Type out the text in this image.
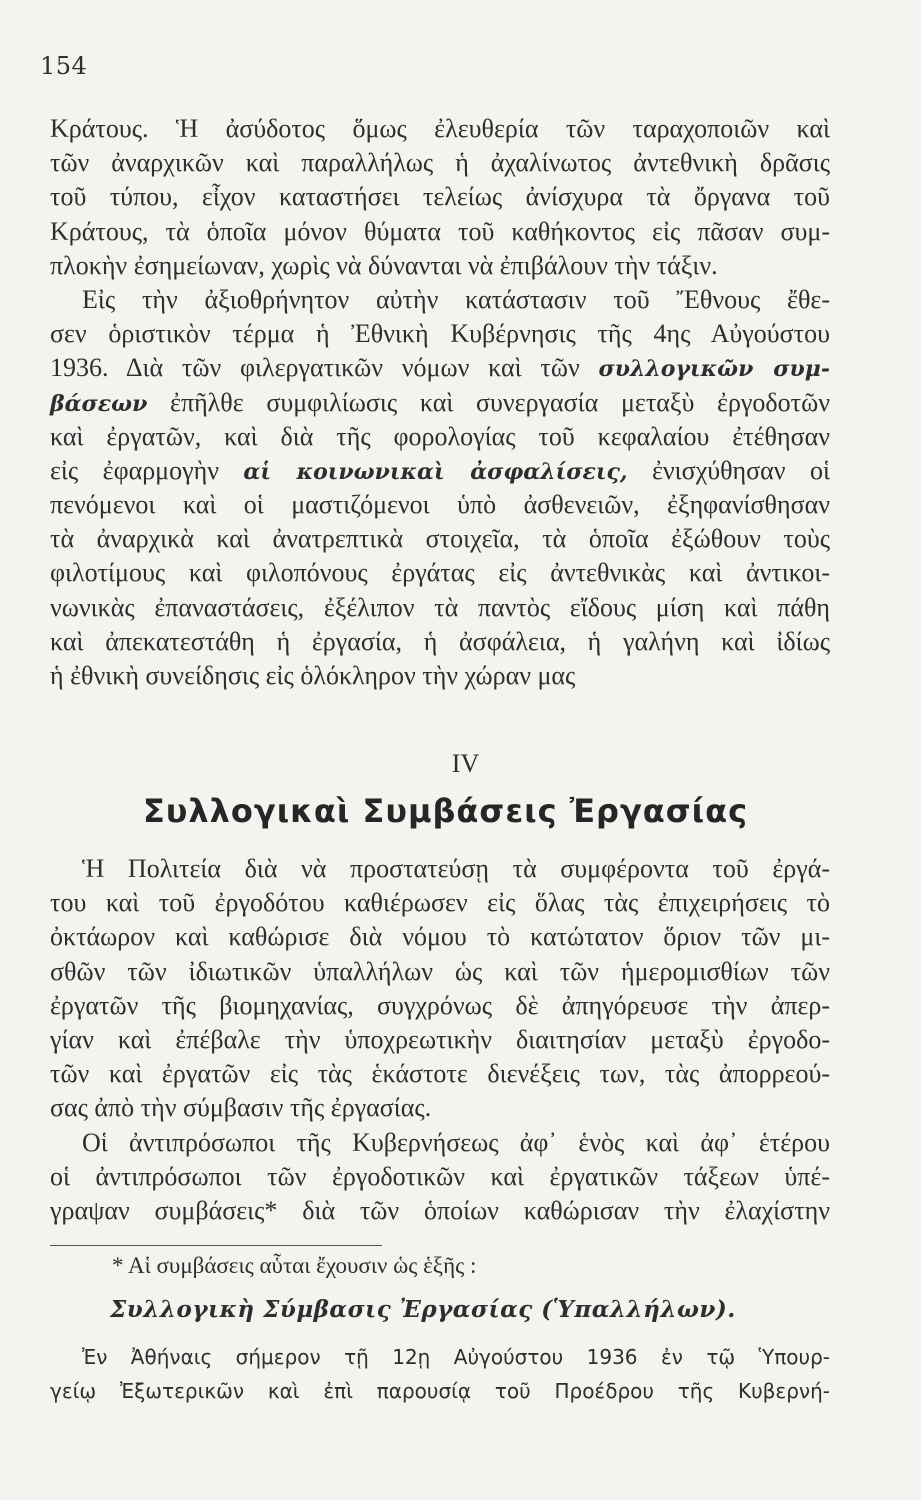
154
Κράτους. Ἡ ἀσύδοτος ὅμως ἐλευθερία τῶν ταραχοποιῶν καὶ
τῶν ἀναρχικῶν καὶ παραλλήλως ἡ ἀχαλίνωτος ἀντεθνικὴ δρᾶσις
τοῦ τύπου, εἶχον καταστήσει τελείως ἀνίσχυρα τὰ ὄργανα τοῦ
Κράτους, τὰ ὁποῖα μόνον θύματα τοῦ καθήκοντος εἰς πᾶσαν συμ-
πλοκὴν ἐσημείωναν, χωρὶς νὰ δύνανται νὰ ἐπιβάλουν τὴν τάξιν.
Εἰς τὴν ἀξιοθρήνητον αὐτὴν κατάστασιν τοῦ Ἔθνους ἔθε-
σεν ὁριστικὸν τέρμα ἡ Ἐθνικὴ Κυβέρνησις τῆς 4ης Αὐγούστου
1936. Διὰ τῶν φιλεργατικῶν νόμων καὶ τῶν συλλογικῶν συμ-
βάσεων ἐπῆλθε συμφιλίωσις καὶ συνεργασία μεταξὺ ἐργοδοτῶν
καὶ ἐργατῶν, καὶ διὰ τῆς φορολογίας τοῦ κεφαλαίου ἐτέθησαν
εἰς ἐφαρμογὴν αἱ κοινωνικαὶ ἀσφαλίσεις, ἐνισχύθησαν οἱ
πενόμενοι καὶ οἱ μαστιζόμενοι ὑπὸ ἀσθενειῶν, ἐξηφανίσθησαν
τὰ ἀναρχικὰ καὶ ἀνατρεπτικὰ στοιχεῖα, τὰ ὁποῖα ἐξώθουν τοὺς
φιλοτίμους καὶ φιλοπόνους ἐργάτας εἰς ἀντεθνικὰς καὶ ἀντικοι-
νωνικὰς ἐπαναστάσεις, ἐξέλιπον τὰ παντὸς εἴδους μίση καὶ πάθη
καὶ ἀπεκατεστάθη ἡ ἐργασία, ἡ ἀσφάλεια, ἡ γαλήνη καὶ ἰδίως
ἡ ἐθνικὴ συνείδησις εἰς ὁλόκληρον τὴν χώραν μας
IV
Συλλογικαὶ Συμβάσεις Ἐργασίας
Ἡ Πολιτεία διὰ νὰ προστατεύσῃ τὰ συμφέροντα τοῦ ἐργά-
του καὶ τοῦ ἐργοδότου καθιέρωσεν εἰς ὅλας τὰς ἐπιχειρήσεις τὸ
ὀκτάωρον καὶ καθώρισε διὰ νόμου τὸ κατώτατον ὅριον τῶν μι-
σθῶν τῶν ἰδιωτικῶν ὑπαλλήλων ὡς καὶ τῶν ἡμερομισθίων τῶν
ἐργατῶν τῆς βιομηχανίας, συγχρόνως δὲ ἀπηγόρευσε τὴν ἀπερ-
γίαν καὶ ἐπέβαλε τὴν ὑποχρεωτικὴν διαιτησίαν μεταξὺ ἐργοδο-
τῶν καὶ ἐργατῶν εἰς τὰς ἑκάστοτε διενέξεις των, τὰς ἀπορρεού-
σας ἀπὸ τὴν σύμβασιν τῆς ἐργασίας.
Οἱ ἀντιπρόσωποι τῆς Κυβερνήσεως ἀφ᾽ ἑνὸς καὶ ἀφ᾽ ἑτέρου
οἱ ἀντιπρόσωποι τῶν ἐργοδοτικῶν καὶ ἐργατικῶν τάξεων ὑπέ-
γραψαν συμβάσεις* διὰ τῶν ὁποίων καθώρισαν τὴν ἐλαχίστην
* Αἱ συμβάσεις αὗται ἔχουσιν ὡς ἑξῆς :
Συλλογικὴ Σύμβασις Ἐργασίας (Ὑπαλλήλων).
Ἐν Ἀθήναις σήμερον τῇ 12ῃ Αὐγούστου 1936 ἐν τῷ Ὑπουρ-
γείῳ Ἐξωτερικῶν καὶ ἐπὶ παρουσίᾳ τοῦ Προέδρου τῆς Κυβερνή-
